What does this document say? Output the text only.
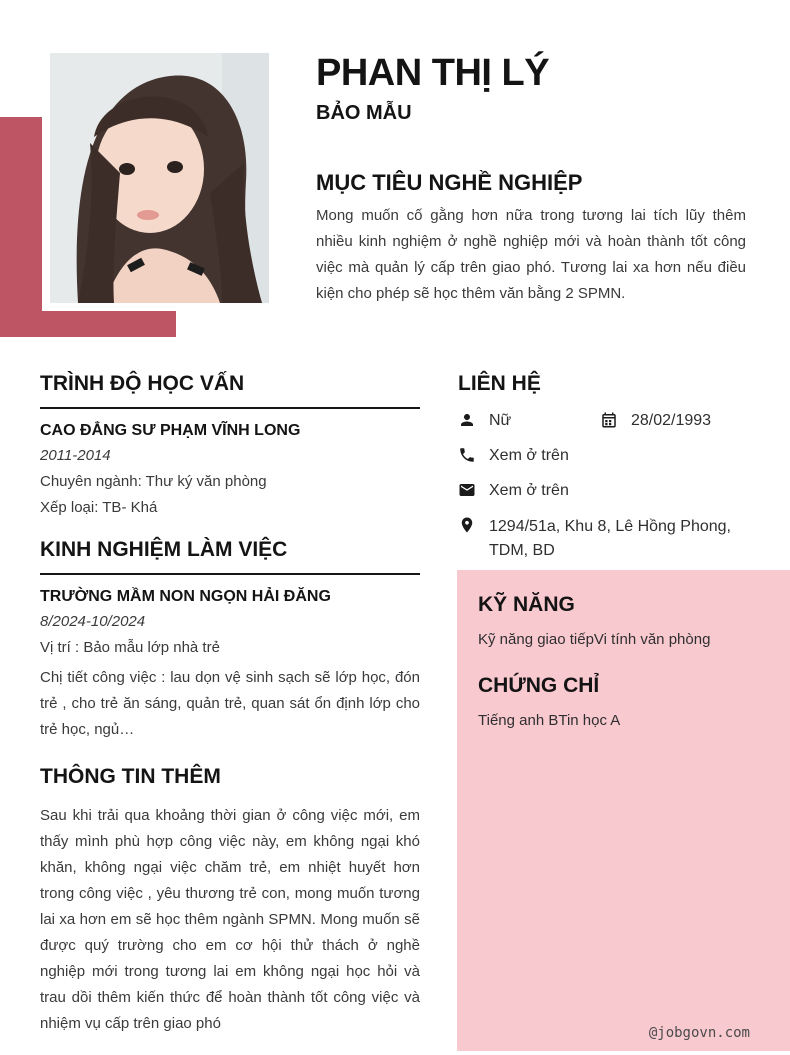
PHAN THỊ LÝ
BẢO MẪU
MỤC TIÊU NGHỀ NGHIỆP
Mong muốn cố gằng hơn nữa trong tương lai tích lũy thêm nhiều kinh nghiệm ở nghề nghiệp mới và hoàn thành tốt công việc mà quản lý cấp trên giao phó. Tương lai xa hơn nếu điều kiện cho phép sẽ học thêm văn bằng 2 SPMN.
TRÌNH ĐỘ HỌC VẤN
CAO ĐẲNG SƯ PHẠM VĨNH LONG
2011-2014
Chuyên ngành: Thư ký văn phòng
Xếp loại: TB- Khá
KINH NGHIỆM LÀM VIỆC
TRƯỜNG MẦM NON NGỌN HẢI ĐĂNG
8/2024-10/2024
Vị trí : Bảo mẫu lớp nhà trẻ
Chị tiết công việc : lau dọn vệ sinh sạch sẽ lớp học, đón trẻ , cho trẻ ăn sáng, quản trẻ, quan sát ổn định lớp cho trẻ học, ngủ…
THÔNG TIN THÊM
Sau khi trải qua khoảng thời gian ở công việc mới, em thấy mình phù hợp công việc này, em không ngại khó khăn, không ngại việc chăm trẻ, em nhiệt huyết hơn trong công việc , yêu thương trẻ con, mong muốn tương lai xa hơn em sẽ học thêm ngành SPMN. Mong muốn sẽ được quý trường cho em cơ hội thử thách ở nghề nghiệp mới trong tương lai em không ngại học hỏi và trau dồi thêm kiến thức để hoàn thành tốt công việc và nhiệm vụ cấp trên giao phó
LIÊN HỆ
Nữ	28/02/1993
Xem ở trên
Xem ở trên
1294/51a, Khu 8, Lê Hồng Phong, TDM, BD
KỸ NĂNG
Kỹ năng giao tiếpVi tính văn phòng
CHỨNG CHỈ
Tiếng anh BTin học A
@jobgovn.com
